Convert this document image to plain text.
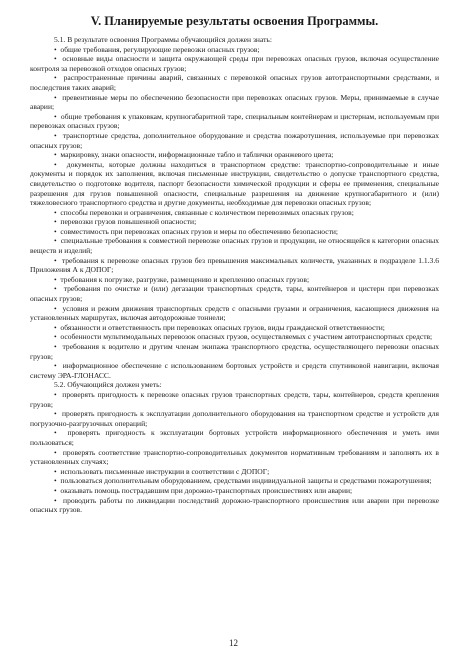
V. Планируемые результаты освоения Программы.

5.1. В результате освоения Программы обучающийся должен знать:

•  общие требования, регулирующие перевозки опасных грузов;

•  основные виды опасности и защита окружающей среды при перевозках опасных грузов, включая осуществление контроля за перевозкой отходов опасных грузов;

•  распространенные причины аварий, связанных с перевозкой опасных грузов автотранспортными средствами, и последствия таких аварий;

•  превентивные меры по обеспечению безопасности при перевозках опасных грузов. Меры, принимаемые в случае аварии;

•  общие требования к упаковкам, крупногабаритной таре, специальным контейнерам и цистернам, используемым при перевозках опасных грузов;

•  транспортные средства, дополнительное оборудование и средства пожаротушения, используемые при перевозках опасных грузов;

•  маркировку, знаки опасности, информационные табло и таблички оранжевого цвета;

•  документы, которые должны находиться в транспортном средстве: транспортно-сопроводительные и иные документы и порядок их заполнения, включая письменные инструкции, свидетельство о допуске транспортного средства, свидетельство о подготовке водителя, паспорт безопасности химической продукции и сферы ее применения, специальные разрешения для грузов повышенной опасности, специальные разрешения на движение крупногабаритного и (или) тяжеловесного транспортного средства и другие документы, необходимые для перевозки опасных грузов;

•  способы перевозки и ограничения, связанные с количеством перевозимых опасных грузов;

•  перевозки грузов повышенной опасности;

•  совместимость при перевозках опасных грузов и меры по обеспечению безопасности;

•  специальные требования к совместной перевозке опасных грузов и продукции, не относящейся к категории опасных веществ и изделий;

•  требования к перевозке опасных грузов без превышения максимальных количеств, указанных в подразделе 1.1.3.6 Приложения А к ДОПОГ;

•  требования к погрузке, разгрузке, размещению и креплению опасных грузов;

•  требования по очистке и (или) дегазации транспортных средств, тары, контейнеров и цистерн при перевозках опасных грузов;

•  условия и режим движения транспортных средств с опасными грузами и ограничения, касающиеся движения на установленных маршрутах, включая автодорожные тоннели;

•  обязанности и ответственность при перевозках опасных грузов, виды гражданской ответственности;

•  особенности мультимодальных перевозок опасных грузов, осуществляемых с участием автотранспортных средств;

•  требования к водителю и другим членам экипажа транспортного средства, осуществляющего перевозки опасных грузов;

•  информационное обеспечение с использованием бортовых устройств и средств спутниковой навигации, включая систему ЭРА-ГЛОНАСС.

5.2. Обучающийся должен уметь:

•  проверять пригодность к перевозке опасных грузов транспортных средств, тары, контейнеров, средств крепления грузов;

•  проверять пригодность к эксплуатации дополнительного оборудования на транспортном средстве и устройств для погрузочно-разгрузочных операций;

•  проверять пригодность к эксплуатации бортовых устройств информационного обеспечения и уметь ими пользоваться;

•  проверять соответствие транспортно-сопроводительных документов нормативным требованиям и заполнять их в установленных случаях;

•  использовать письменные инструкции в соответствии с ДОПОГ;

•  пользоваться дополнительным оборудованием, средствами индивидуальной защиты и средствами пожаротушения;

•  оказывать помощь пострадавшим при дорожно-транспортных происшествиях или аварии;

•  проводить работы по ликвидации последствий дорожно-транспортного происшествия или аварии при перевозке опасных грузов.

12
